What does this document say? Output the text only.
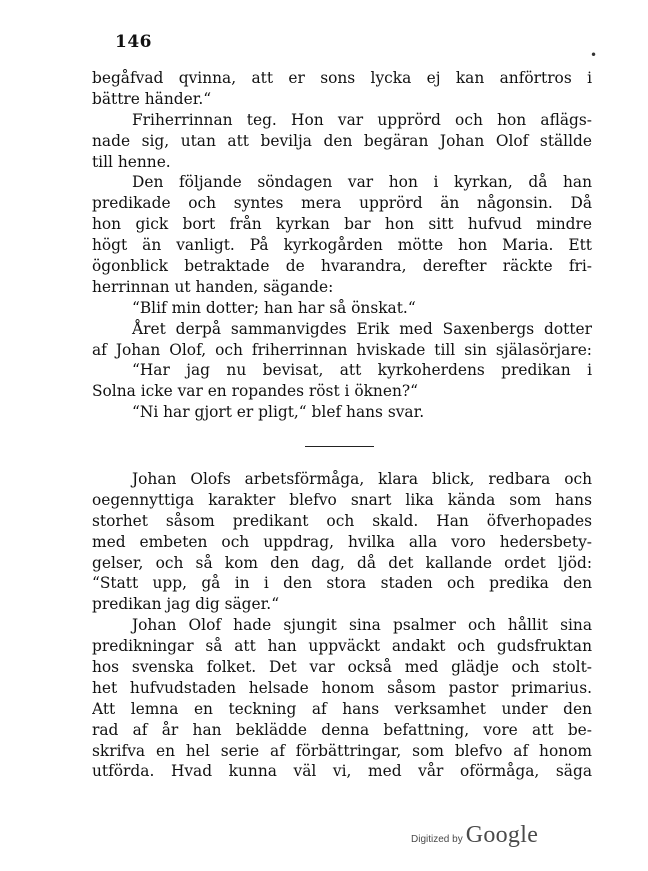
146
•
begåfvad qvinna, att er sons lycka ej kan anförtros i
bättre händer.“
Friherrinnan teg. Hon var upprörd och hon aflägs-
nade sig, utan att bevilja den begäran Johan Olof ställde
till henne.
Den följande söndagen var hon i kyrkan, då han
predikade och syntes mera upprörd än någonsin. Då
hon gick bort från kyrkan bar hon sitt hufvud mindre
högt än vanligt. På kyrkogården mötte hon Maria. Ett
ögonblick betraktade de hvarandra, derefter räckte fri-
herrinnan ut handen, sägande:
“Blif min dotter; han har så önskat.“
Året derpå sammanvigdes Erik med Saxenbergs dotter
af Johan Olof, och friherrinnan hviskade till sin själasörjare:
“Har jag nu bevisat, att kyrkoherdens predikan i
Solna icke var en ropandes röst i öknen?“
“Ni har gjort er pligt,“ blef hans svar.
Johan Olofs arbetsförmåga, klara blick, redbara och
oegennyttiga karakter blefvo snart lika kända som hans
storhet såsom predikant och skald. Han öfverhopades
med embeten och uppdrag, hvilka alla voro hedersbety-
gelser, och så kom den dag, då det kallande ordet ljöd:
“Statt upp, gå in i den stora staden och predika den
predikan jag dig säger.“
Johan Olof hade sjungit sina psalmer och hållit sina
predikningar så att han uppväckt andakt och gudsfruktan
hos svenska folket. Det var också med glädje och stolt-
het hufvudstaden helsade honom såsom pastor primarius.
Att lemna en teckning af hans verksamhet under den
rad af år han beklädde denna befattning, vore att be-
skrifva en hel serie af förbättringar, som blefvo af honom
utförda. Hvad kunna väl vi, med vår oförmåga, säga
Digitized by Google
